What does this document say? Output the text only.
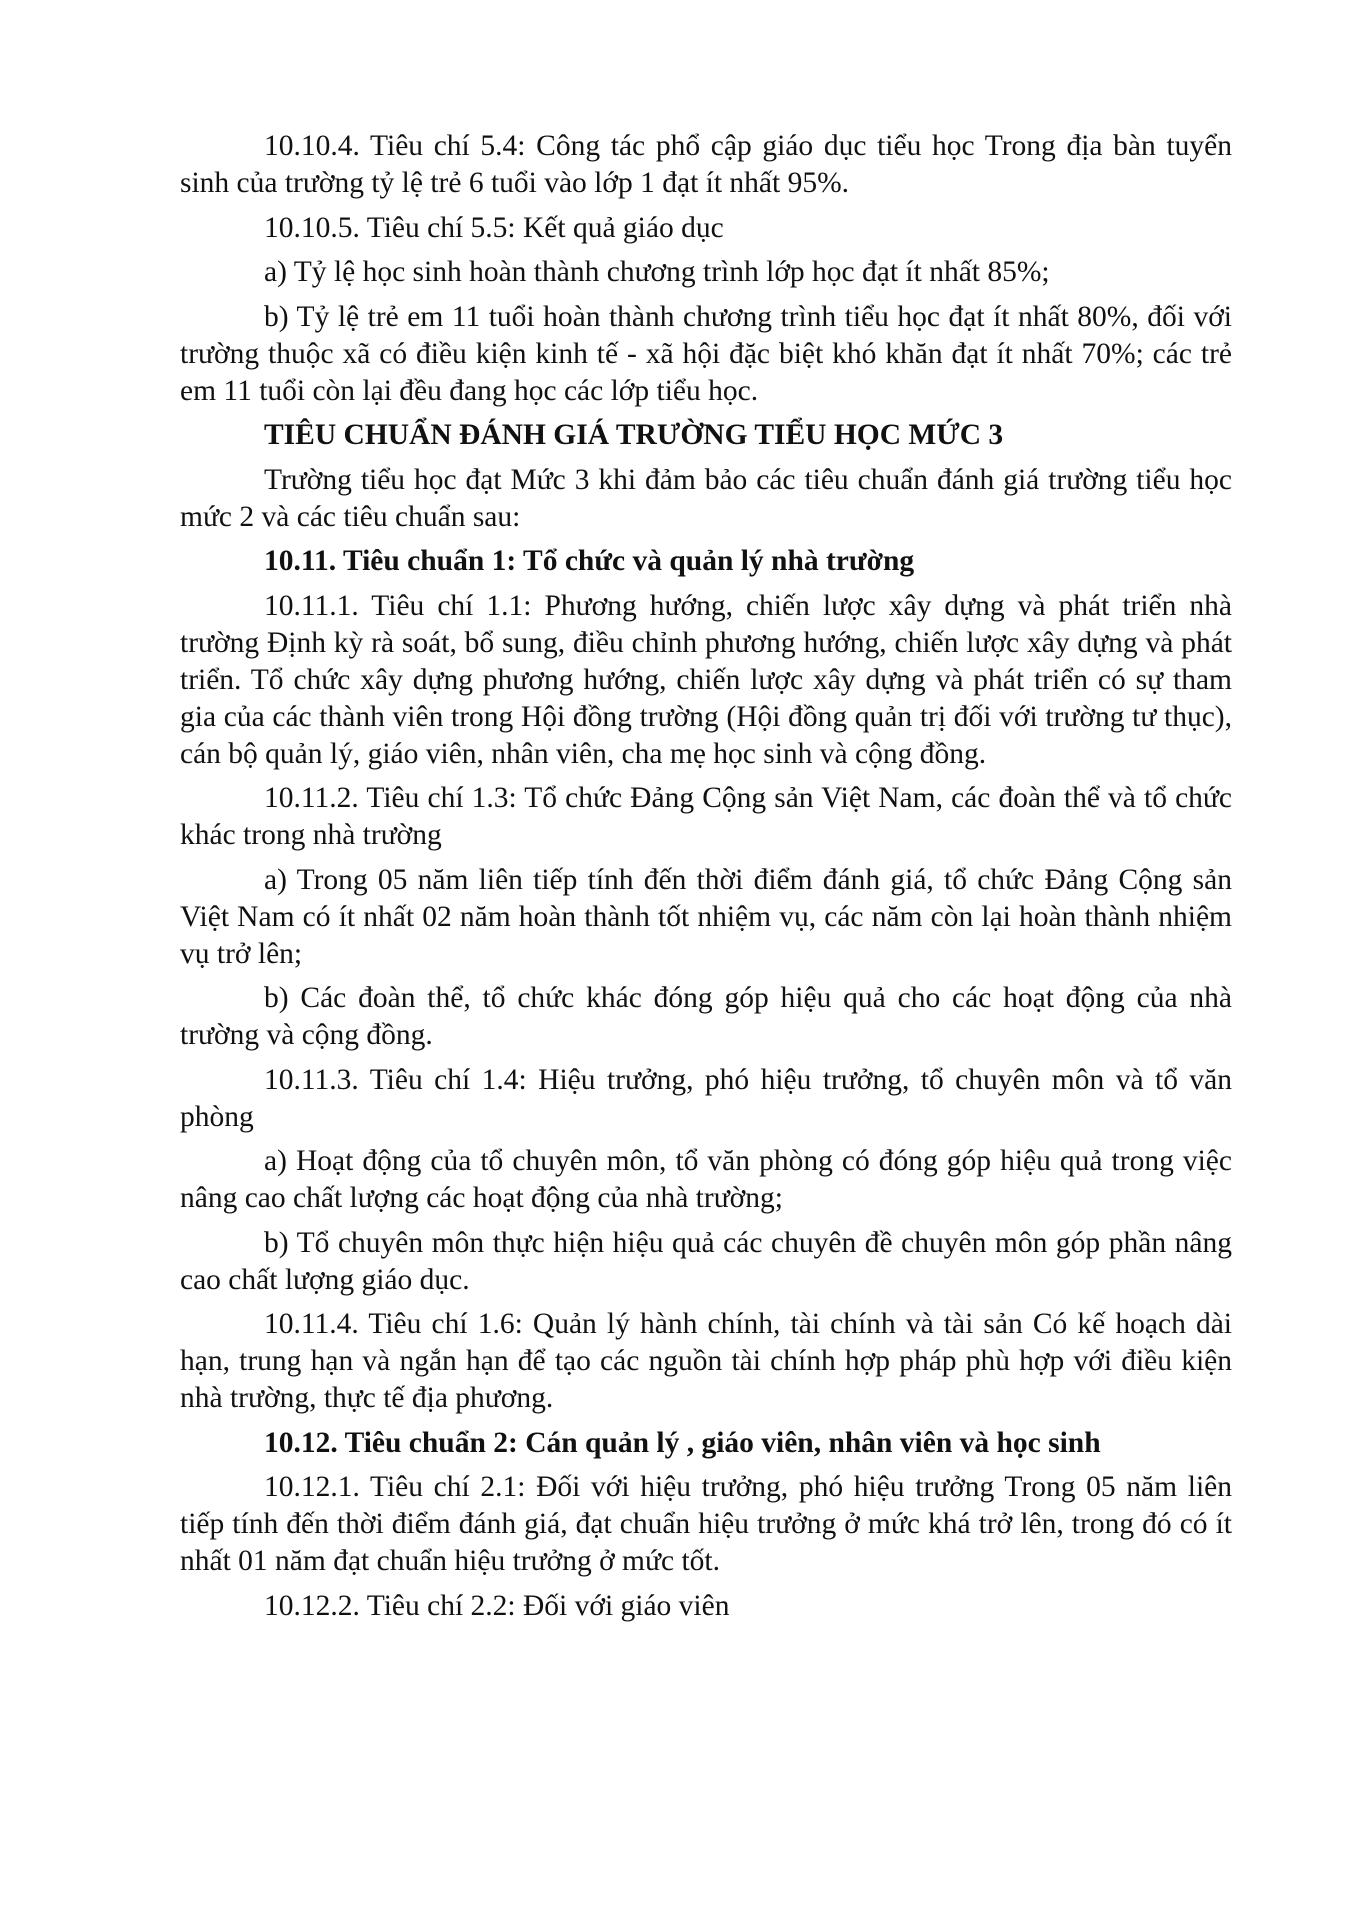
10.10.4. Tiêu chí 5.4: Công tác phổ cập giáo dục tiểu học Trong địa bàn tuyển sinh của trường tỷ lệ trẻ 6 tuổi vào lớp 1 đạt ít nhất 95%.

10.10.5. Tiêu chí 5.5: Kết quả giáo dục

a) Tỷ lệ học sinh hoàn thành chương trình lớp học đạt ít nhất 85%;

b) Tỷ lệ trẻ em 11 tuổi hoàn thành chương trình tiểu học đạt ít nhất 80%, đối với trường thuộc xã có điều kiện kinh tế - xã hội đặc biệt khó khăn đạt ít nhất 70%; các trẻ em 11 tuổi còn lại đều đang học các lớp tiểu học.

TIÊU CHUẨN ĐÁNH GIÁ TRƯỜNG TIỂU HỌC MỨC 3

Trường tiểu học đạt Mức 3 khi đảm bảo các tiêu chuẩn đánh giá trường tiểu học mức 2 và các tiêu chuẩn sau:

10.11. Tiêu chuẩn 1: Tổ chức và quản lý nhà trường

10.11.1. Tiêu chí 1.1: Phương hướng, chiến lược xây dựng và phát triển nhà trường Định kỳ rà soát, bổ sung, điều chỉnh phương hướng, chiến lược xây dựng và phát triển. Tổ chức xây dựng phương hướng, chiến lược xây dựng và phát triển có sự tham gia của các thành viên trong Hội đồng trường (Hội đồng quản trị đối với trường tư thục), cán bộ quản lý, giáo viên, nhân viên, cha mẹ học sinh và cộng đồng.

10.11.2. Tiêu chí 1.3: Tổ chức Đảng Cộng sản Việt Nam, các đoàn thể và tổ chức khác trong nhà trường

a) Trong 05 năm liên tiếp tính đến thời điểm đánh giá, tổ chức Đảng Cộng sản Việt Nam có ít nhất 02 năm hoàn thành tốt nhiệm vụ, các năm còn lại hoàn thành nhiệm vụ trở lên;

b) Các đoàn thể, tổ chức khác đóng góp hiệu quả cho các hoạt động của nhà trường và cộng đồng.

10.11.3. Tiêu chí 1.4: Hiệu trưởng, phó hiệu trưởng, tổ chuyên môn và tổ văn phòng

a) Hoạt động của tổ chuyên môn, tổ văn phòng có đóng góp hiệu quả trong việc nâng cao chất lượng các hoạt động của nhà trường;

b) Tổ chuyên môn thực hiện hiệu quả các chuyên đề chuyên môn góp phần nâng cao chất lượng giáo dục.

10.11.4. Tiêu chí 1.6: Quản lý hành chính, tài chính và tài sản Có kế hoạch dài hạn, trung hạn và ngắn hạn để tạo các nguồn tài chính hợp pháp phù hợp với điều kiện nhà trường, thực tế địa phương.

10.12. Tiêu chuẩn 2: Cán quản lý , giáo viên, nhân viên và học sinh

10.12.1. Tiêu chí 2.1: Đối với hiệu trưởng, phó hiệu trưởng Trong 05 năm liên tiếp tính đến thời điểm đánh giá, đạt chuẩn hiệu trưởng ở mức khá trở lên, trong đó có ít nhất 01 năm đạt chuẩn hiệu trưởng ở mức tốt.

10.12.2. Tiêu chí 2.2: Đối với giáo viên
